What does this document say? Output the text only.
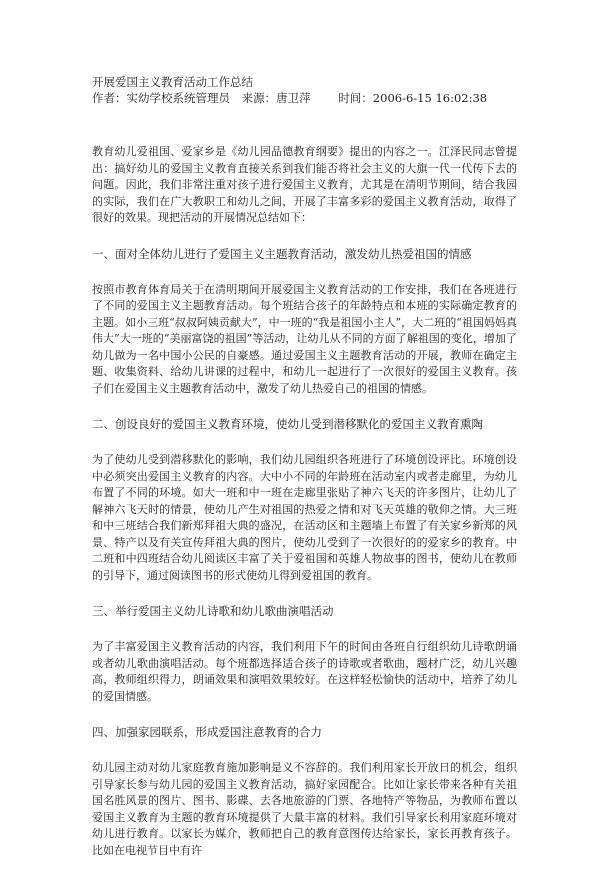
开展爱国主义教育活动工作总结

作者：实幼学校系统管理员 来源：唐卫萍 时间：2006-6-15 16:02:38

教育幼儿爱祖国、爱家乡是《幼儿园品德教育纲要》提出的内容之一。江泽民同志曾提出：搞好幼儿的爱国主义教育直接关系到我们能否将社会主义的大旗一代一代传下去的问题。因此，我们非常注重对孩子进行爱国主义教育，尤其是在清明节期间，结合我园的实际，我们在广大教职工和幼儿之间，开展了丰富多彩的爱国主义教育活动，取得了很好的效果。现把活动的开展情况总结如下：

一、面对全体幼儿进行了爱国主义主题教育活动，激发幼儿热爱祖国的情感

按照市教育体育局关于在清明期间开展爱国主义教育活动的工作安排，我们在各班进行了不同的爱国主义主题教育活动。每个班结合孩子的年龄特点和本班的实际确定教育的主题。如小三班“叔叔阿姨贡献大”，中一班的“我是祖国小主人”，大二班的“祖国妈妈真伟大”大一班的“美丽富饶的祖国”等活动，让幼儿从不同的方面了解祖国的变化，增加了幼儿做为一名中国小公民的自豪感。通过爱国主义主题教育活动的开展，教师在确定主题、收集资料、给幼儿讲课的过程中，和幼儿一起进行了一次很好的爱国主义教育。孩子们在爱国主义主题教育活动中，激发了幼儿热爱自己的祖国的情感。

二、创设良好的爱国主义教育环境，使幼儿受到潜移默化的爱国主义教育熏陶

为了使幼儿受到潜移默化的影响，我们幼儿园组织各班进行了环境创设评比。环境创设中必须突出爱国主义教育的内容。大中小不同的年龄班在活动室内或者走廊里，为幼儿布置了不同的环境。如大一班和中一班在走廊里张贴了神六飞天的许多图片，让幼儿了解神六飞天时的情景，使幼儿产生对祖国的热爱之情和对飞天英雄的敬仰之情。大三班和中三班结合我们新郑拜祖大典的盛况，在活动区和主题墙上布置了有关家乡新郑的风景、特产以及有关宣传拜祖大典的图片，使幼儿受到了一次很好的的爱家乡的教育。中二班和中四班结合幼儿阅读区丰富了关于爱祖国和英雄人物故事的图书，使幼儿在教师的引导下，通过阅读图书的形式使幼儿得到爱祖国的教育。

三、举行爱国主义幼儿诗歌和幼儿歌曲演唱活动

为了丰富爱国主义教育活动的内容，我们利用下午的时间由各班自行组织幼儿诗歌朗诵或者幼儿歌曲演唱活动。每个班都选择适合孩子的诗歌或者歌曲，题材广泛，幼儿兴趣高，教师组织得力，朗诵效果和演唱效果较好。在这样轻松愉快的活动中，培养了幼儿的爱国情感。

四、加强家园联系，形成爱国注意教育的合力

幼儿园主动对幼儿家庭教育施加影响是义不容辞的。我们利用家长开放日的机会，组织引导家长参与幼儿园的爱国主义教育活动，搞好家园配合。比如让家长带来各种有关祖国名胜风景的图片、图书、影碟、去各地旅游的门票、各地特产等物品，为教师布置以爱国主义教育为主题的教育环境提供了大量丰富的材料。我们引导家长利用家庭环境对幼儿进行教育。以家长为媒介，教师把自己的教育意图传达给家长，家长再教育孩子。比如在电视节目中有许
